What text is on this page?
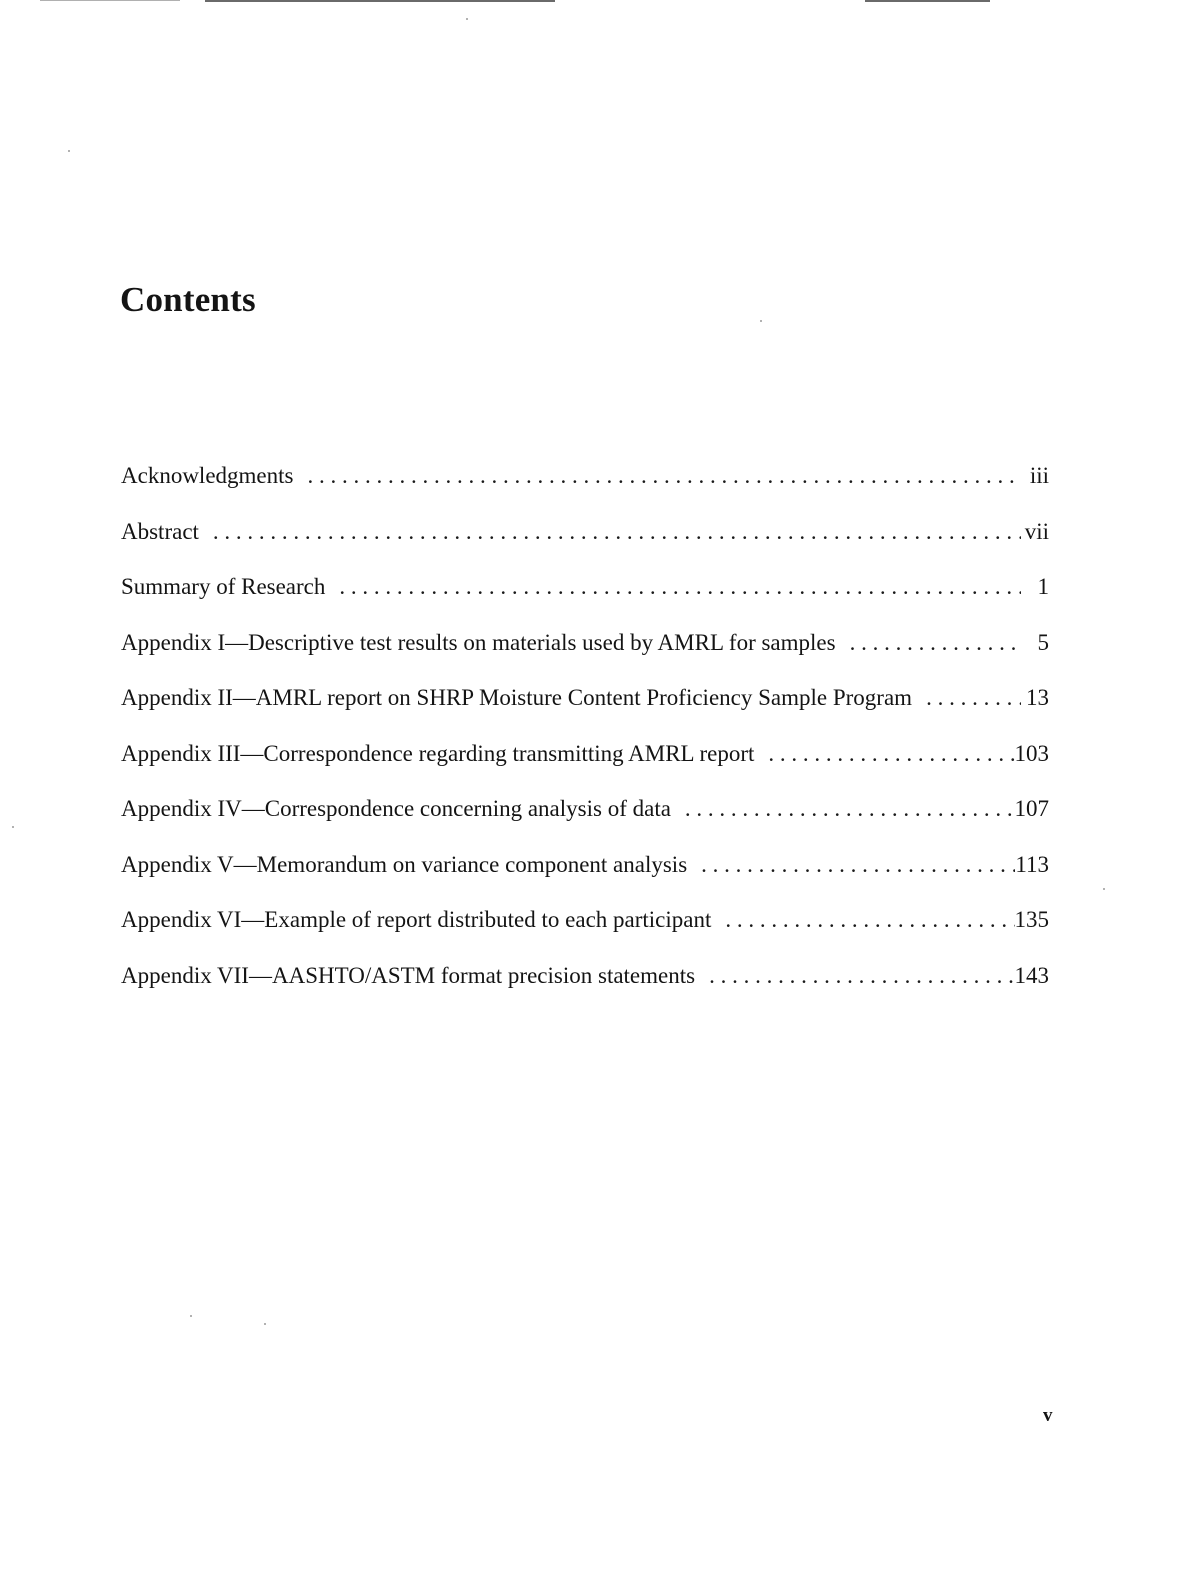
Contents
Acknowledgments . . .	iii
Abstract . . .	vii
Summary of Research . . .	1
Appendix I—Descriptive test results on materials used by AMRL for samples . . .	5
Appendix II—AMRL report on SHRP Moisture Content Proficiency Sample Program . . .	13
Appendix III—Correspondence regarding transmitting AMRL report . . .	103
Appendix IV—Correspondence concerning analysis of data . . .	107
Appendix V—Memorandum on variance component analysis . . .	113
Appendix VI—Example of report distributed to each participant . . .	135
Appendix VII—AASHTO/ASTM format precision statements . . .	143
v
